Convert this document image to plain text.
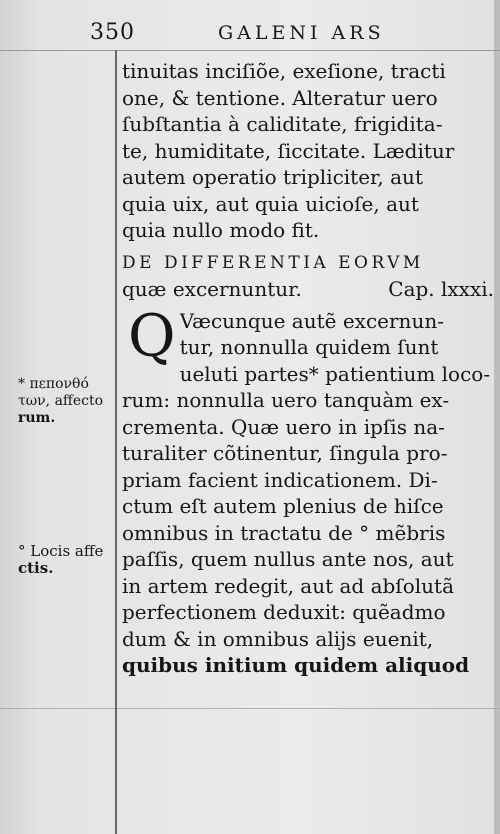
350	GALENI ARS
tinuitas inciſiõe, exeſione, tracti
one, & tentione. Alteratur uero
ſubſtantia à caliditate, frigidita-
te, humiditate, ſiccitate. Læditur
autem operatio tripliciter, aut
quia uix, aut quia uicioſe, aut
quia nullo modo fit.
DE DIFFERENTIA EORVM
quæ excernuntur.	Cap. lxxxi.
Q Væcunque autẽ excernun-
tur, nonnulla quidem ſunt
ueluti partes* patientium loco-
rum: nonnulla uero tanquàm ex-
crementa. Quæ uero in ipſis na-
turaliter cõtinentur, ſingula pro-
priam facient indicationem. Di-
ctum eſt autem plenius de hiſce
omnibus in tractatu de ° mẽbris
paſſis, quem nullus ante nos, aut
in artem redegit, aut ad abſolutã
perfectionem deduxit: quẽadmo
dum & in omnibus alijs euenit,
quibus initium quidem aliquod
* πεπονθό
των, affecto
rum.
° Locis affe
ctis.
